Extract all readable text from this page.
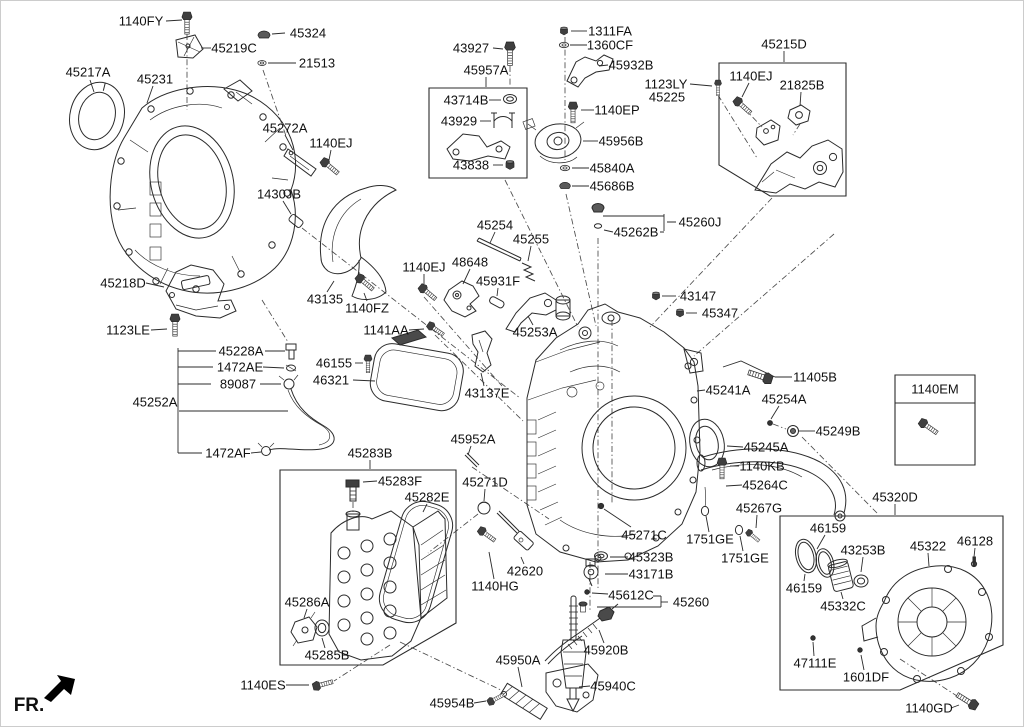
1140FY
45324
45219C
21513
45217A 45231
43927
45957A
43714B
43929
43838
1311FA
1360CF
45932B
1123LY
45225
1140EP
45956B
45840A
45686B
45215D
1140EJ
21825B
45272A
1140EJ
1430JB
45218D
1123LE
43135
1140FZ
1141AA
45254
45255
1140EJ 48648
45931F
45253A
45262B
45260J
43147
45347
45228A
1472AE
89087
45252A
1472AF
46155
46321
43137E
45952A
45283B
45283F
45282E
45286A
45285B
1140ES
45271D
42620
1140HG
45271C
45323B
43171B
45612C 45260
45920B
45950A
45940C
45954B
45241A
11405B
45254A
45249B
45245A
1140KB
45264C
45267G
1751GE
1751GE
45320D
46159
43253B 45322 46128
46159
45332C
47111E
1601DF
1140GD
1140EM
FR.
